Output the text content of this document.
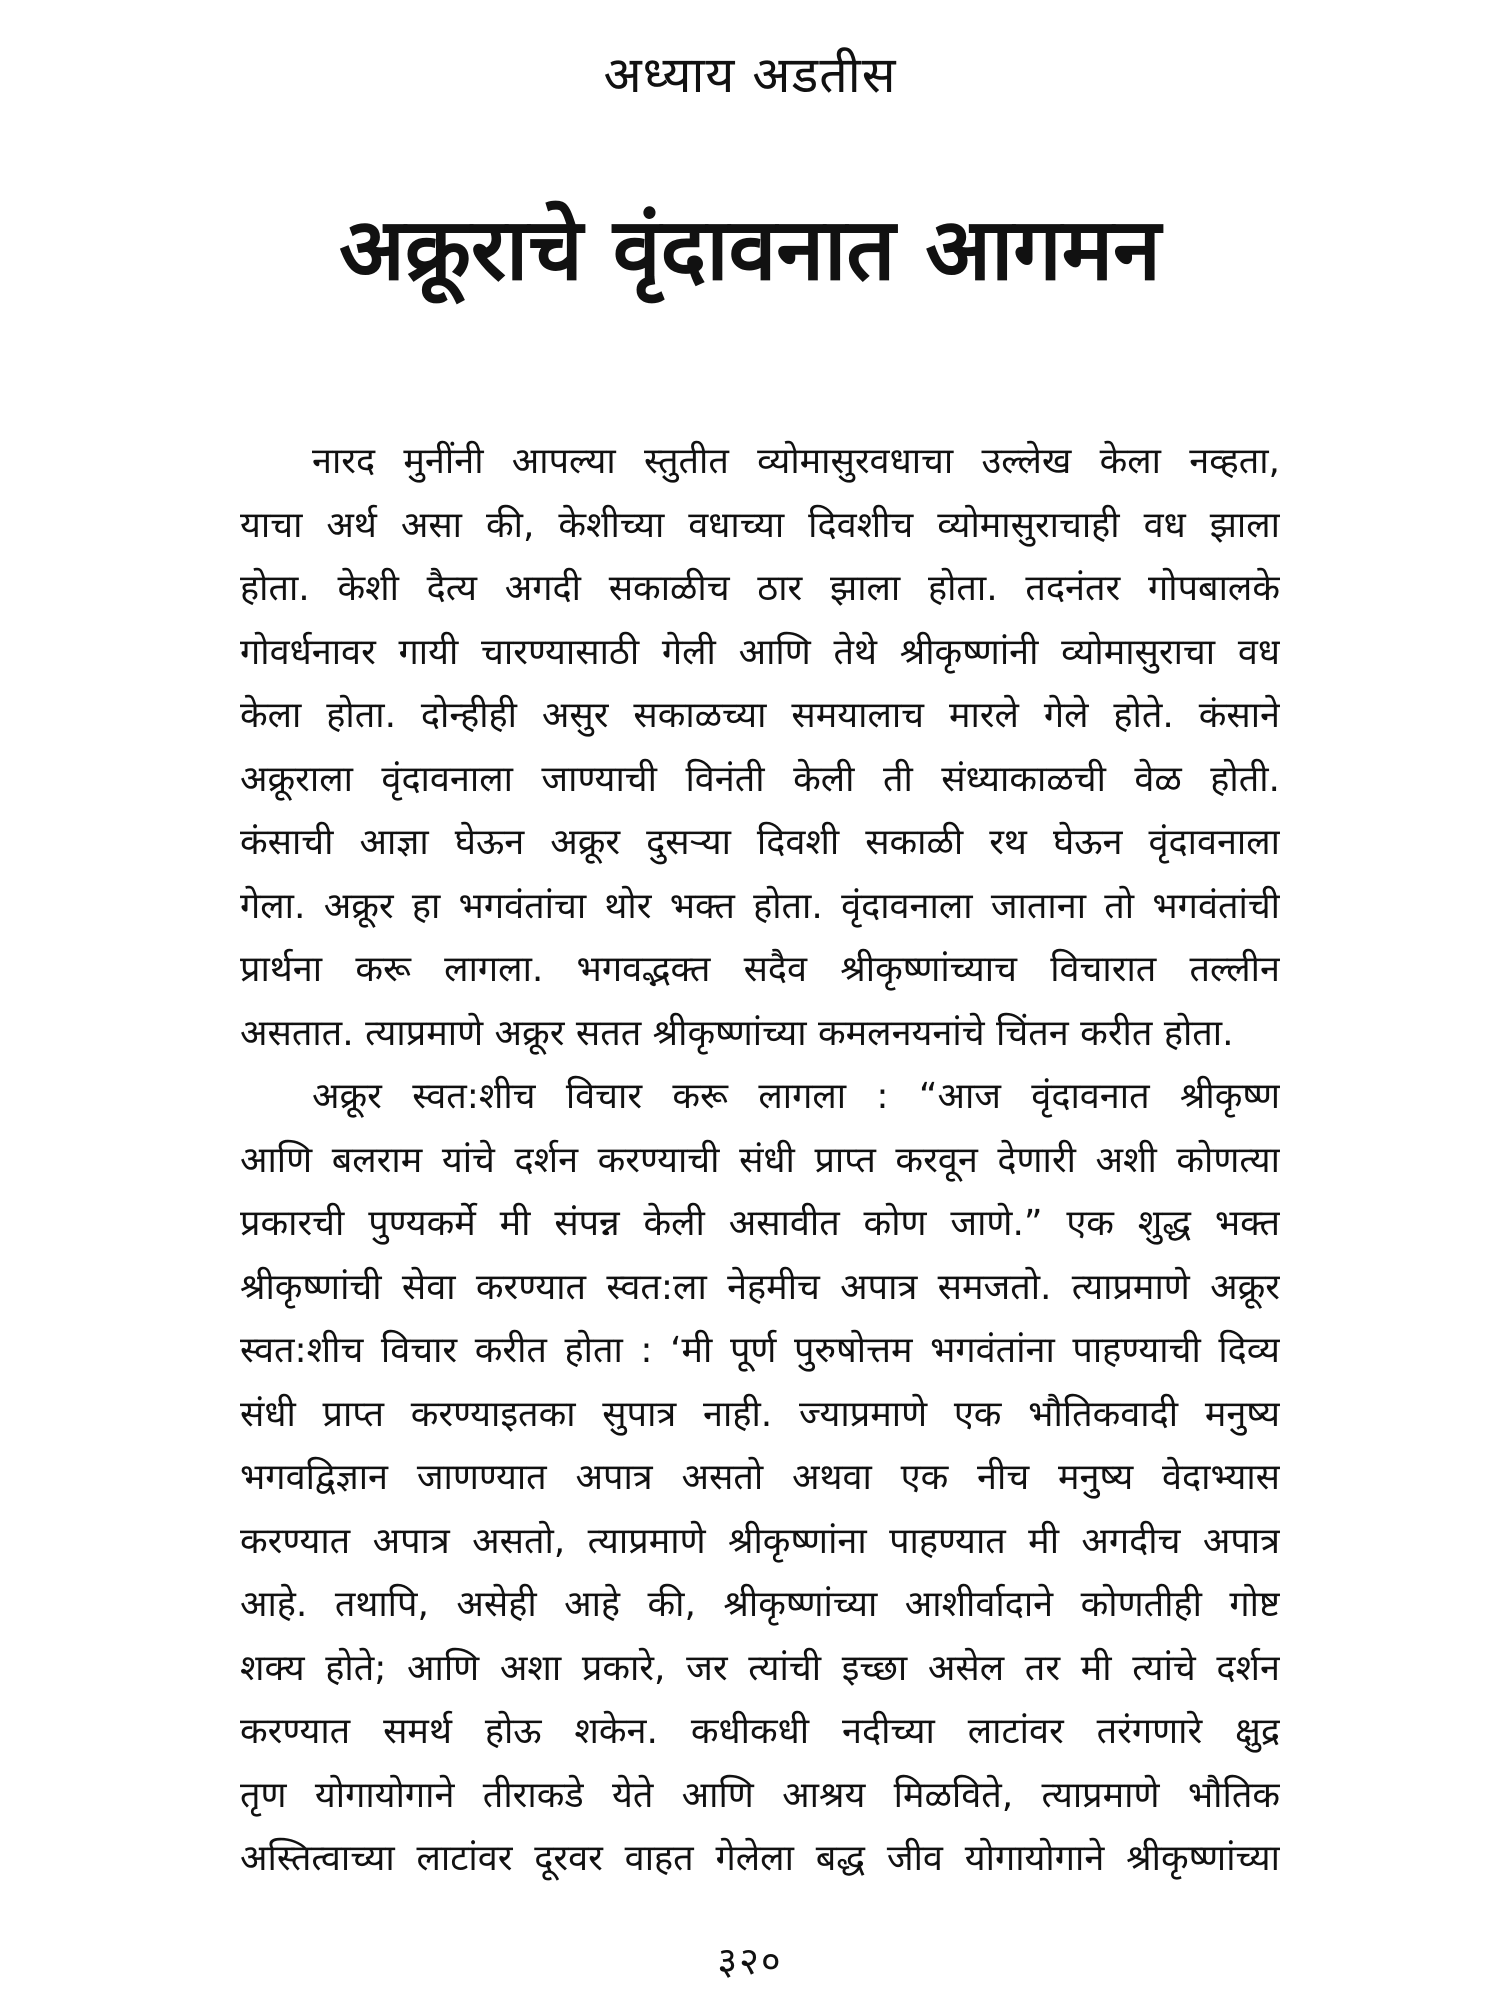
अध्याय अडतीस
अक्रूराचे वृंदावनात आगमन
नारद मुनींनी आपल्या स्तुतीत व्योमासुरवधाचा उल्लेख केला नव्हता,
याचा अर्थ असा की, केशीच्या वधाच्या दिवशीच व्योमासुराचाही वध झाला
होता. केशी दैत्य अगदी सकाळीच ठार झाला होता. तदनंतर गोपबालके
गोवर्धनावर गायी चारण्यासाठी गेली आणि तेथे श्रीकृष्णांनी व्योमासुराचा वध
केला होता. दोन्हीही असुर सकाळच्या समयालाच मारले गेले होते. कंसाने
अक्रूराला वृंदावनाला जाण्याची विनंती केली ती संध्याकाळची वेळ होती.
कंसाची आज्ञा घेऊन अक्रूर दुसऱ्या दिवशी सकाळी रथ घेऊन वृंदावनाला
गेला. अक्रूर हा भगवंतांचा थोर भक्त होता. वृंदावनाला जाताना तो भगवंतांची
प्रार्थना करू लागला. भगवद्भक्त सदैव श्रीकृष्णांच्याच विचारात तल्लीन
असतात. त्याप्रमाणे अक्रूर सतत श्रीकृष्णांच्या कमलनयनांचे चिंतन करीत होता.
अक्रूर स्वत:शीच विचार करू लागला : “आज वृंदावनात श्रीकृष्ण
आणि बलराम यांचे दर्शन करण्याची संधी प्राप्त करवून देणारी अशी कोणत्या
प्रकारची पुण्यकर्मे मी संपन्न केली असावीत कोण जाणे.” एक शुद्ध भक्त
श्रीकृष्णांची सेवा करण्यात स्वत:ला नेहमीच अपात्र समजतो. त्याप्रमाणे अक्रूर
स्वत:शीच विचार करीत होता : ‘मी पूर्ण पुरुषोत्तम भगवंतांना पाहण्याची दिव्य
संधी प्राप्त करण्याइतका सुपात्र नाही. ज्याप्रमाणे एक भौतिकवादी मनुष्य
भगवद्विज्ञान जाणण्यात अपात्र असतो अथवा एक नीच मनुष्य वेदाभ्यास
करण्यात अपात्र असतो, त्याप्रमाणे श्रीकृष्णांना पाहण्यात मी अगदीच अपात्र
आहे. तथापि, असेही आहे की, श्रीकृष्णांच्या आशीर्वादाने कोणतीही गोष्ट
शक्य होते; आणि अशा प्रकारे, जर त्यांची इच्छा असेल तर मी त्यांचे दर्शन
करण्यात समर्थ होऊ शकेन. कधीकधी नदीच्या लाटांवर तरंगणारे क्षुद्र
तृण योगायोगाने तीराकडे येते आणि आश्रय मिळविते, त्याप्रमाणे भौतिक
अस्तित्वाच्या लाटांवर दूरवर वाहत गेलेला बद्ध जीव योगायोगाने श्रीकृष्णांच्या
३२०
